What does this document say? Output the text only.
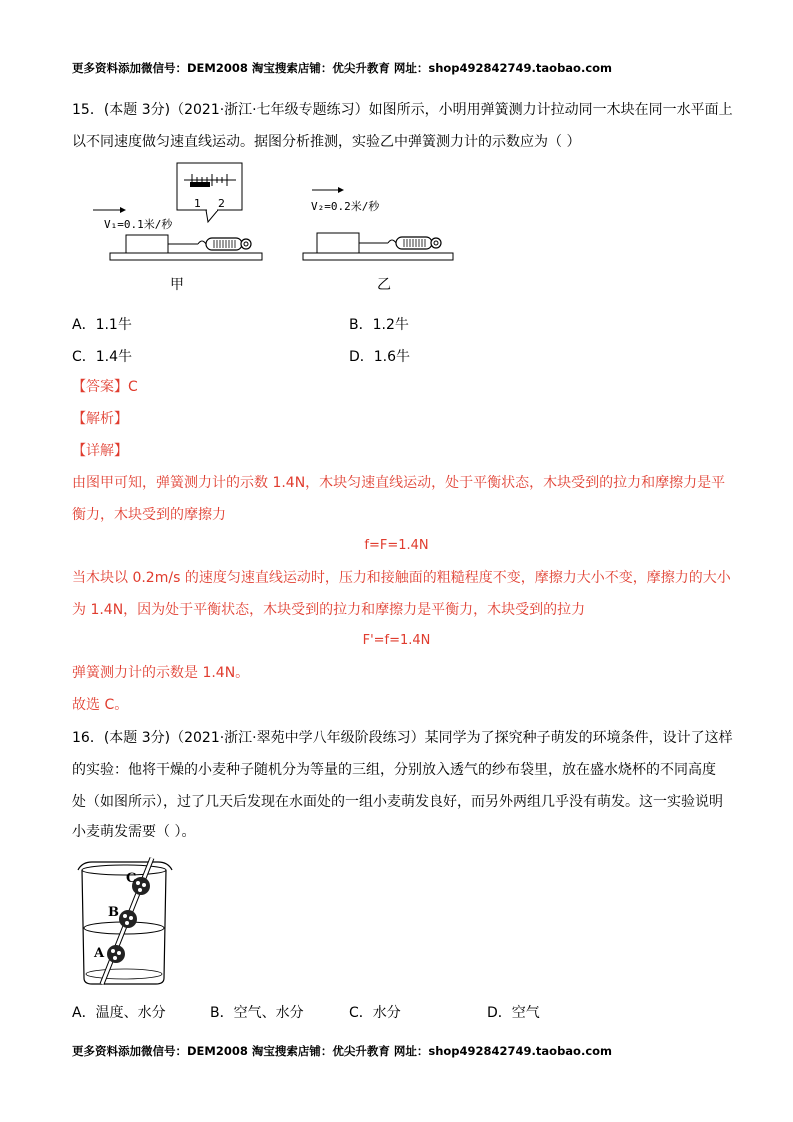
更多资料添加微信号：DEM2008 淘宝搜索店铺：优尖升教育 网址：shop492842749.taobao.com
15．(本题 3分)（2021·浙江·七年级专题练习）如图所示，小明用弹簧测力计拉动同一木块在同一水平面上
以不同速度做匀速直线运动。据图分析推测，实验乙中弹簧测力计的示数应为（ ）
V₁=0.1米/秒
1 2	V₂=0.2米/秒
甲	乙
A．1.1牛	B．1.2牛
C．1.4牛	D．1.6牛
【答案】C
【解析】
【详解】
由图甲可知，弹簧测力计的示数 1.4N，木块匀速直线运动，处于平衡状态，木块受到的拉力和摩擦力是平
衡力，木块受到的摩擦力
f=F=1.4N
当木块以 0.2m/s 的速度匀速直线运动时，压力和接触面的粗糙程度不变，摩擦力大小不变，摩擦力的大小
为 1.4N，因为处于平衡状态，木块受到的拉力和摩擦力是平衡力，木块受到的拉力
F'=f=1.4N
弹簧测力计的示数是 1.4N。
故选 C。
16．(本题 3分)（2021·浙江·翠苑中学八年级阶段练习）某同学为了探究种子萌发的环境条件，设计了这样
的实验：他将干燥的小麦种子随机分为等量的三组，分别放入透气的纱布袋里，放在盛水烧杯的不同高度
处（如图所示），过了几天后发现在水面处的一组小麦萌发良好，而另外两组几乎没有萌发。这一实验说明
小麦萌发需要（ ）。
C
B
A
A．温度、水分	B．空气、水分	C．水分	D．空气
更多资料添加微信号：DEM2008 淘宝搜索店铺：优尖升教育 网址：shop492842749.taobao.com
